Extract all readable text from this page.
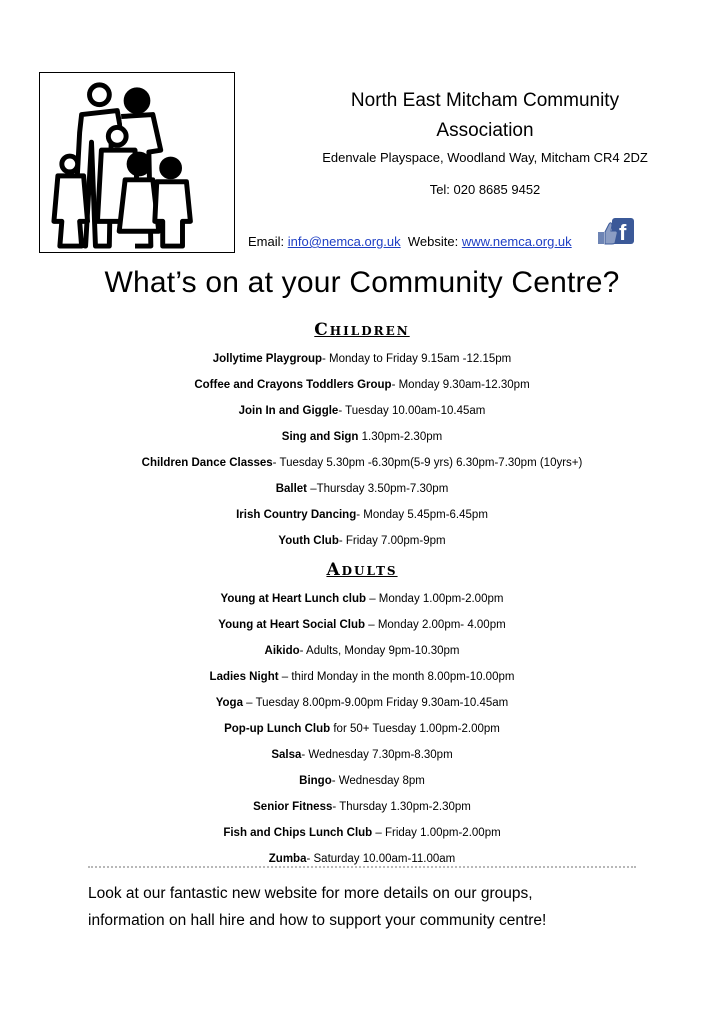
North East Mitcham Community
Association

Edenvale Playspace, Woodland Way, Mitcham CR4 2DZ

Tel: 020 8685 9452

Email: info@nemca.org.uk Website: www.nemca.org.uk f
What’s on at your Community Centre?
Children
Jollytime Playgroup- Monday to Friday 9.15am -12.15pm
Coffee and Crayons Toddlers Group- Monday 9.30am-12.30pm
Join In and Giggle- Tuesday 10.00am-10.45am
Sing and Sign 1.30pm-2.30pm
Children Dance Classes- Tuesday 5.30pm -6.30pm(5-9 yrs) 6.30pm-7.30pm (10yrs+)
Ballet –Thursday 3.50pm-7.30pm
Irish Country Dancing- Monday 5.45pm-6.45pm
Youth Club- Friday 7.00pm-9pm
Adults
Young at Heart Lunch club – Monday 1.00pm-2.00pm
Young at Heart Social Club – Monday 2.00pm- 4.00pm
Aikido- Adults, Monday 9pm-10.30pm
Ladies Night – third Monday in the month 8.00pm-10.00pm
Yoga – Tuesday 8.00pm-9.00pm Friday 9.30am-10.45am
Pop-up Lunch Club for 50+ Tuesday 1.00pm-2.00pm
Salsa- Wednesday 7.30pm-8.30pm
Bingo- Wednesday 8pm
Senior Fitness- Thursday 1.30pm-2.30pm
Fish and Chips Lunch Club – Friday 1.00pm-2.00pm
Zumba- Saturday 10.00am-11.00am

Look at our fantastic new website for more details on our groups,
information on hall hire and how to support your community centre!
